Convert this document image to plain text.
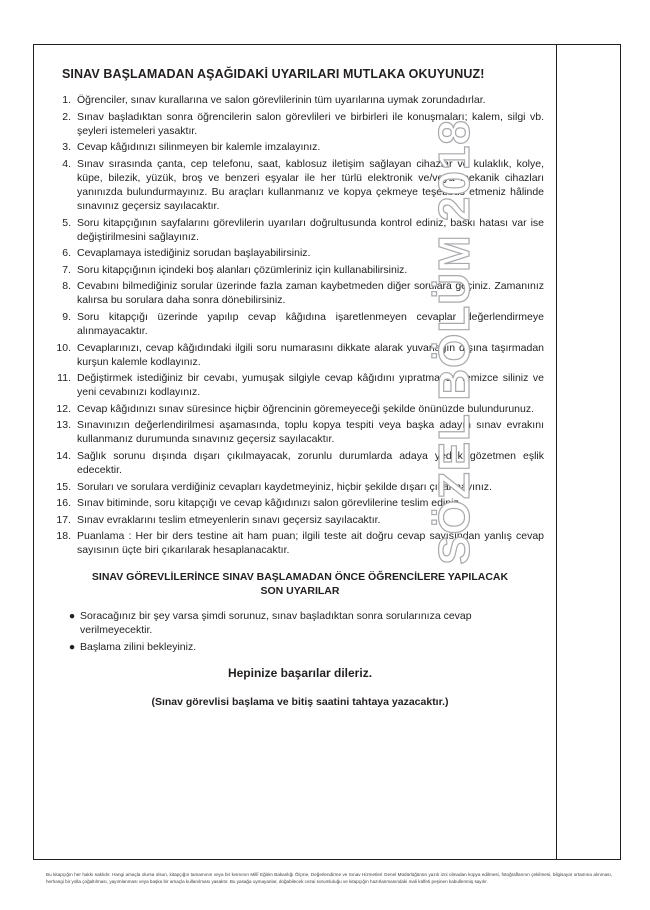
SINAV BAŞLAMADAN AŞAĞIDAKİ UYARILARI MUTLAKA OKUYUNUZ!
1. Öğrenciler, sınav kurallarına ve salon görevlilerinin tüm uyarılarına uymak zorundadırlar.
2. Sınav başladıktan sonra öğrencilerin salon görevlileri ve birbirleri ile konuşmaları; kalem, silgi vb. şeyleri istemeleri yasaktır.
3. Cevap kâğıdınızı silinmeyen bir kalemle imzalayınız.
4. Sınav sırasında çanta, cep telefonu, saat, kablosuz iletişim sağlayan cihazlar ve kulaklık, kolye, küpe, bilezik, yüzük, broş ve benzeri eşyalar ile her türlü elektronik ve/veya mekanik cihazları yanınızda bulundurmayınız. Bu araçları kullanmanız ve kopya çekmeye teşebbüs etmeniz hâlinde sınavınız geçersiz sayılacaktır.
5. Soru kitapçığının sayfalarını görevlilerin uyarıları doğrultusunda kontrol ediniz, baskı hatası var ise değiştirilmesini sağlayınız.
6. Cevaplamaya istediğiniz sorudan başlayabilirsiniz.
7. Soru kitapçığının içindeki boş alanları çözümleriniz için kullanabilirsiniz.
8. Cevabını bilmediğiniz sorular üzerinde fazla zaman kaybetmeden diğer sorulara geçiniz. Zamanınız kalırsa bu sorulara daha sonra dönebilirsiniz.
9. Soru kitapçığı üzerinde yapılıp cevap kâğıdına işaretlenmeyen cevaplar değerlendirmeye alınmayacaktır.
10. Cevaplarınızı, cevap kâğıdındaki ilgili soru numarasını dikkate alarak yuvarlağın dışına taşırmadan kurşun kalemle kodlayınız.
11. Değiştirmek istediğiniz bir cevabı, yumuşak silgiyle cevap kâğıdını yıpratmadan temizce siliniz ve yeni cevabınızı kodlayınız.
12. Cevap kâğıdınızı sınav süresince hiçbir öğrencinin göremeyeceği şekilde önünüzde bulundurunuz.
13. Sınavınızın değerlendirilmesi aşamasında, toplu kopya tespiti veya başka adayın sınav evrakını kullanmanız durumunda sınavınız geçersiz sayılacaktır.
14. Sağlık sorunu dışında dışarı çıkılmayacak, zorunlu durumlarda adaya yedek gözetmen eşlik edecektir.
15. Soruları ve sorulara verdiğiniz cevapları kaydetmeyiniz, hiçbir şekilde dışarı çıkarmayınız.
16. Sınav bitiminde, soru kitapçığı ve cevap kâğıdınızı salon görevlilerine teslim ediniz.
17. Sınav evraklarını teslim etmeyenlerin sınavı geçersiz sayılacaktır.
18. Puanlama : Her bir ders testine ait ham puan; ilgili teste ait doğru cevap sayısından yanlış cevap sayısının üçte biri çıkarılarak hesaplanacaktır.
SINAV GÖREVLİLERİNCE SINAV BAŞLAMADAN ÖNCE ÖĞRENCİLERE YAPILACAK SON UYARILAR
● Soracağınız bir şey varsa şimdi sorunuz, sınav başladıktan sonra sorularınıza cevap verilmeyecektir.
● Başlama zilini bekleyiniz.
Hepinize başarılar dileriz.
(Sınav görevlisi başlama ve bitiş saatini tahtaya yazacaktır.)
SÖZEL BÖLÜM 2018
Bu kitapçığın her hakkı saklıdır. Hangi amaçla olursa olsun, kitapçığın tamamının veya bir kısmının Millî Eğitim Bakanlığı Ölçme, Değerlendirme ve Sınav Hizmetleri Genel Müdürlüğünün yazılı izni olmadan kopya edilmesi, fotoğraflarının çekilmesi, bilgisayar ortamına alınması, herhangi bir yolla çoğaltılması, yayımlanması veya başka bir amaçla kullanılması yasaktır. Bu yasağa uymayanlar, doğabilecek cezai sorumluluğu ve kitapçığın hazırlanmasındaki mali külfeti peşinen kabullenmiş sayılır.
